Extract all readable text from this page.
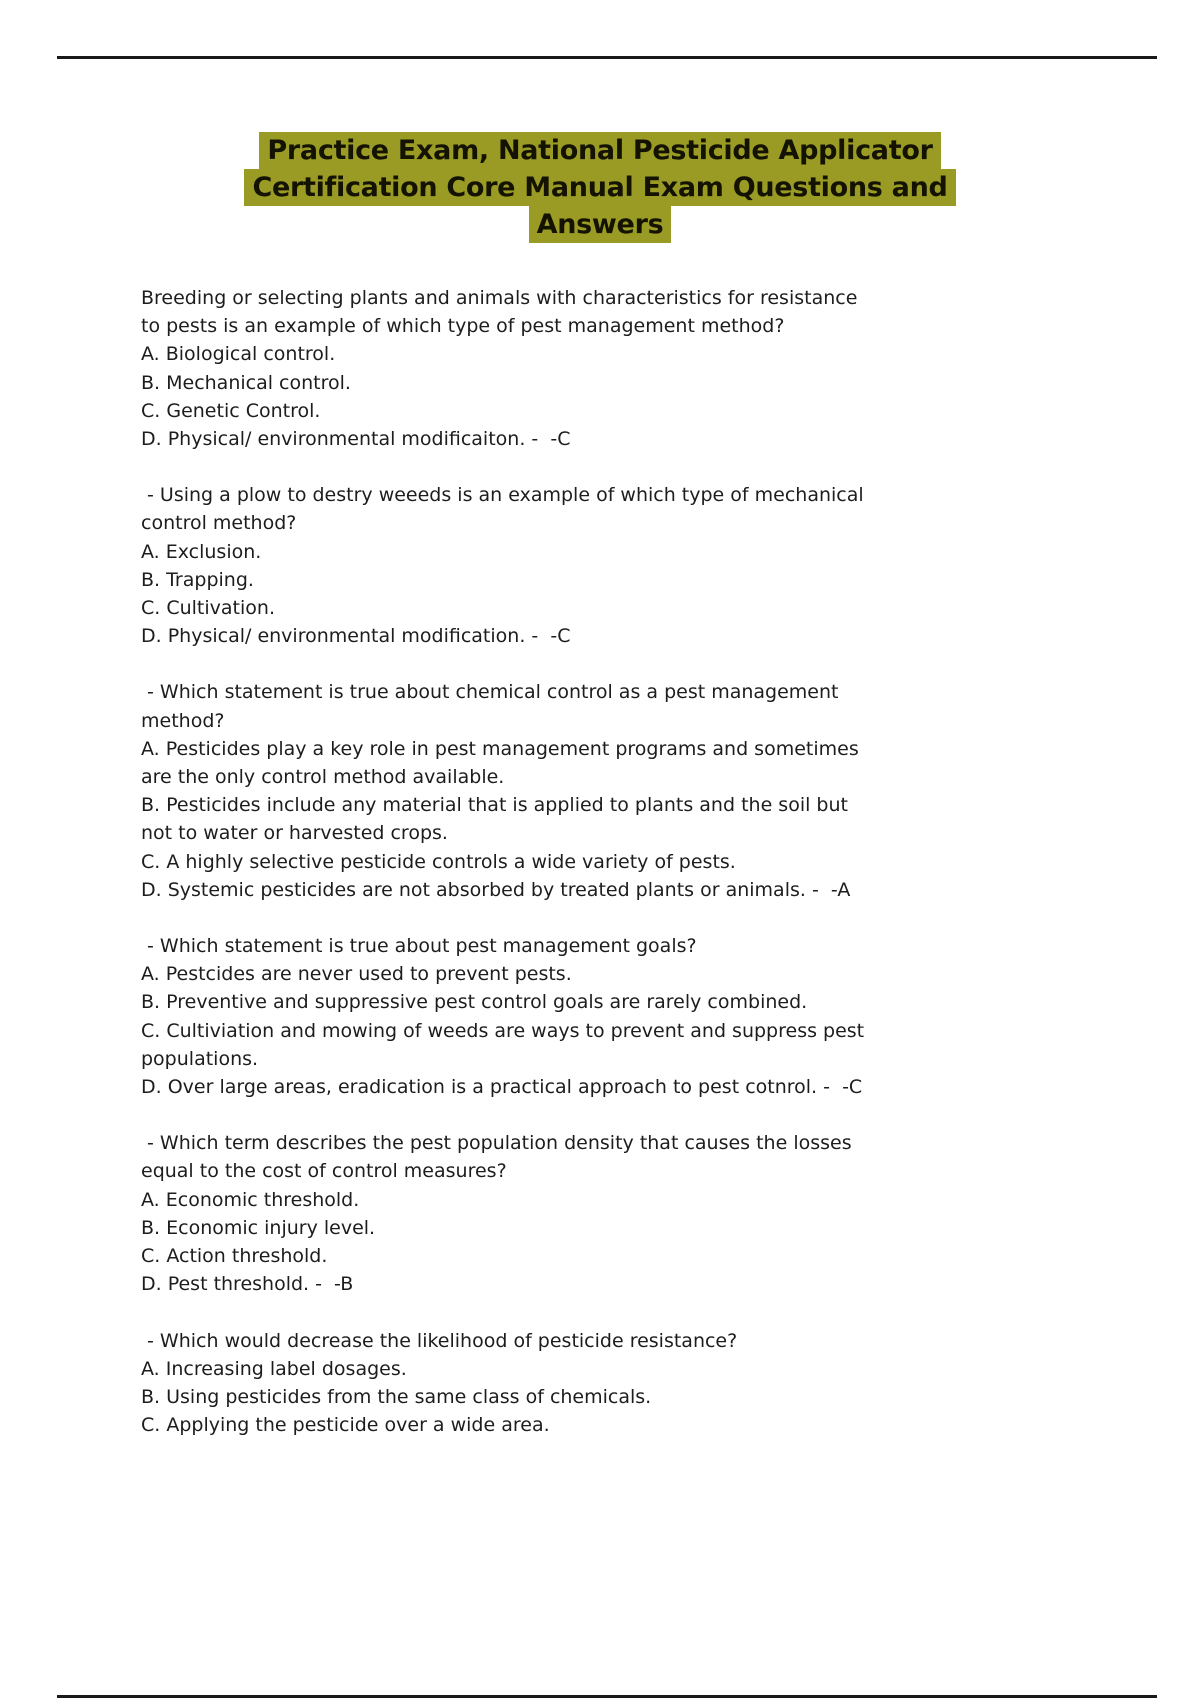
Practice Exam, National Pesticide Applicator
Certification Core Manual Exam Questions and
Answers
Breeding or selecting plants and animals with characteristics for resistance
to pests is an example of which type of pest management method?
A. Biological control.
B. Mechanical control.
C. Genetic Control.
D. Physical/ environmental modificaiton. -  -C
- Using a plow to destry weeeds is an example of which type of mechanical
control method?
A. Exclusion.
B. Trapping.
C. Cultivation.
D. Physical/ environmental modification. -  -C
- Which statement is true about chemical control as a pest management
method?
A. Pesticides play a key role in pest management programs and sometimes
are the only control method available.
B. Pesticides include any material that is applied to plants and the soil but
not to water or harvested crops.
C. A highly selective pesticide controls a wide variety of pests.
D. Systemic pesticides are not absorbed by treated plants or animals. -  -A
- Which statement is true about pest management goals?
A. Pestcides are never used to prevent pests.
B. Preventive and suppressive pest control goals are rarely combined.
C. Cultiviation and mowing of weeds are ways to prevent and suppress pest
populations.
D. Over large areas, eradication is a practical approach to pest cotnrol. -  -C
- Which term describes the pest population density that causes the losses
equal to the cost of control measures?
A. Economic threshold.
B. Economic injury level.
C. Action threshold.
D. Pest threshold. -  -B
- Which would decrease the likelihood of pesticide resistance?
A. Increasing label dosages.
B. Using pesticides from the same class of chemicals.
C. Applying the pesticide over a wide area.
